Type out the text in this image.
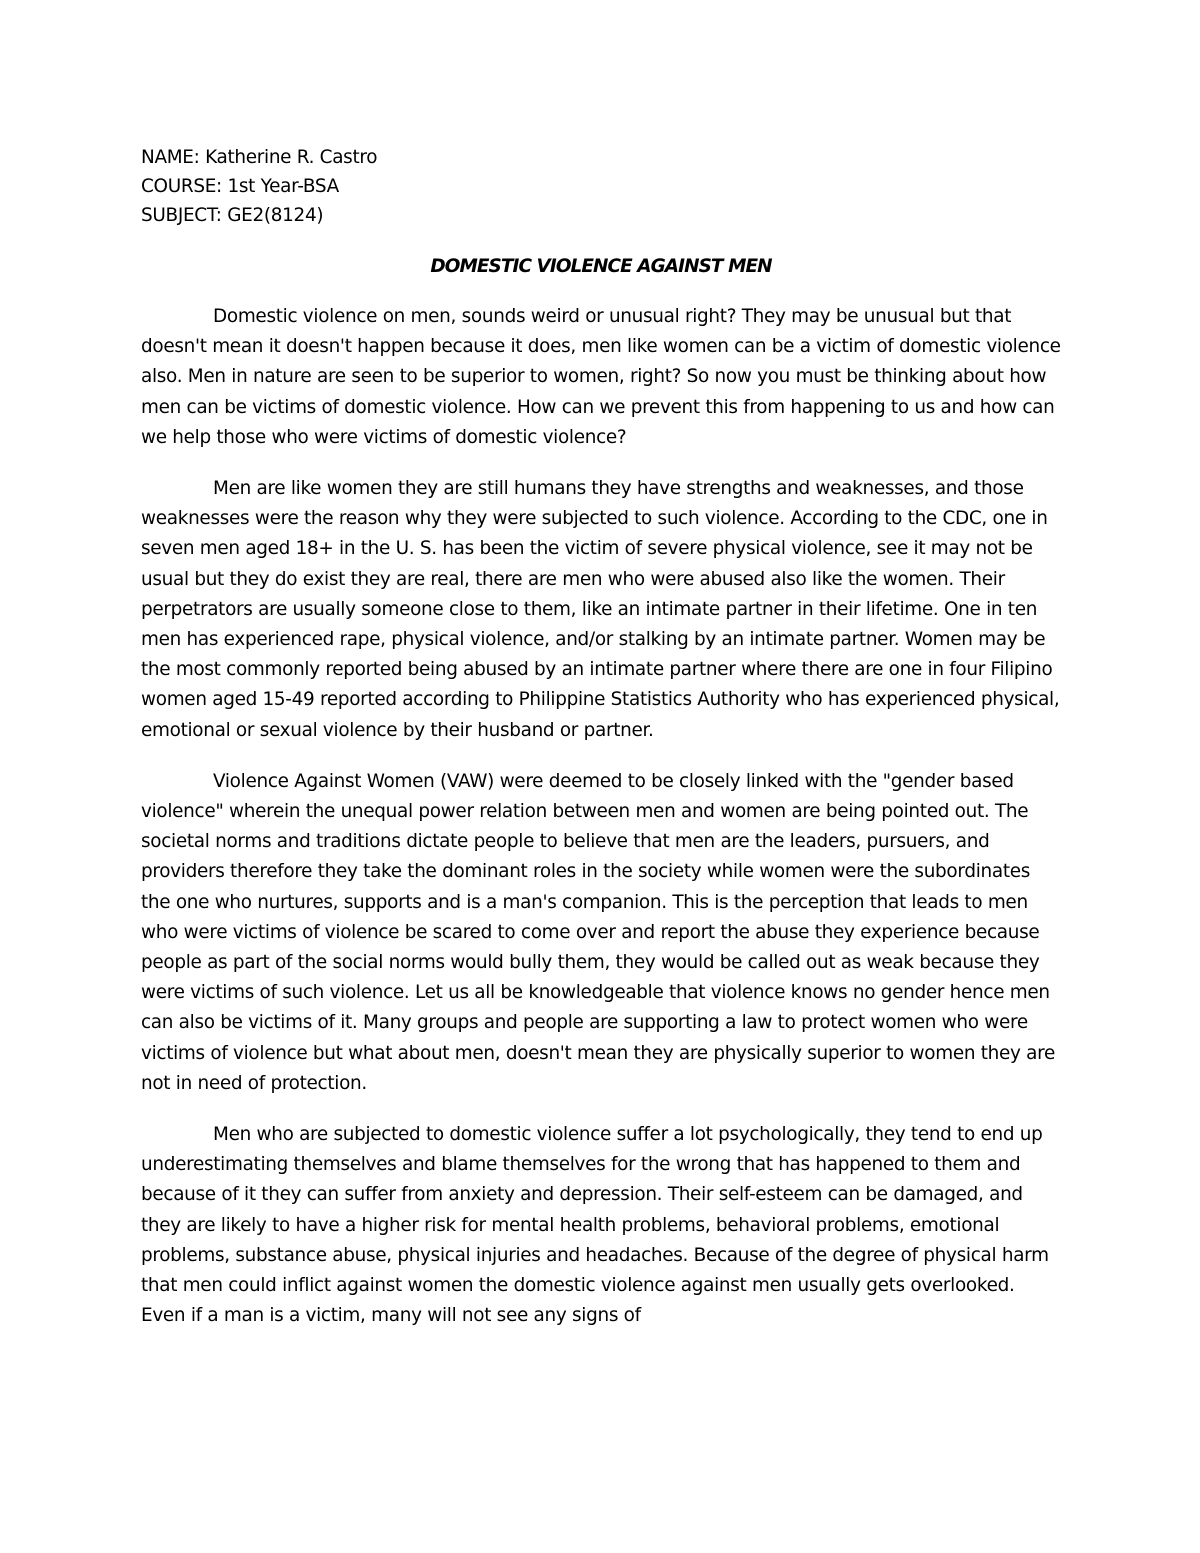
NAME: Katherine R. Castro
COURSE: 1st Year-BSA
SUBJECT: GE2(8124)
DOMESTIC VIOLENCE AGAINST MEN

Domestic violence on men, sounds weird or unusual right? They may be unusual but that doesn't mean it doesn't happen because it does, men like women can be a victim of domestic violence also. Men in nature are seen to be superior to women, right? So now you must be thinking about how men can be victims of domestic violence. How can we prevent this from happening to us and how can we help those who were victims of domestic violence?

Men are like women they are still humans they have strengths and weaknesses, and those weaknesses were the reason why they were subjected to such violence. According to the CDC, one in seven men aged 18+ in the U. S. has been the victim of severe physical violence, see it may not be usual but they do exist they are real, there are men who were abused also like the women. Their perpetrators are usually someone close to them, like an intimate partner in their lifetime. One in ten men has experienced rape, physical violence, and/or stalking by an intimate partner. Women may be the most commonly reported being abused by an intimate partner where there are one in four Filipino women aged 15-49 reported according to Philippine Statistics Authority who has experienced physical, emotional or sexual violence by their husband or partner.

Violence Against Women (VAW) were deemed to be closely linked with the "gender based violence" wherein the unequal power relation between men and women are being pointed out. The societal norms and traditions dictate people to believe that men are the leaders, pursuers, and providers therefore they take the dominant roles in the society while women were the subordinates the one who nurtures, supports and is a man's companion. This is the perception that leads to men who were victims of violence be scared to come over and report the abuse they experience because people as part of the social norms would bully them, they would be called out as weak because they were victims of such violence. Let us all be knowledgeable that violence knows no gender hence men can also be victims of it. Many groups and people are supporting a law to protect women who were victims of violence but what about men, doesn't mean they are physically superior to women they are not in need of protection.

Men who are subjected to domestic violence suffer a lot psychologically, they tend to end up underestimating themselves and blame themselves for the wrong that has happened to them and because of it they can suffer from anxiety and depression. Their self-esteem can be damaged, and they are likely to have a higher risk for mental health problems, behavioral problems, emotional problems, substance abuse, physical injuries and headaches. Because of the degree of physical harm that men could inflict against women the domestic violence against men usually gets overlooked. Even if a man is a victim, many will not see any signs of
